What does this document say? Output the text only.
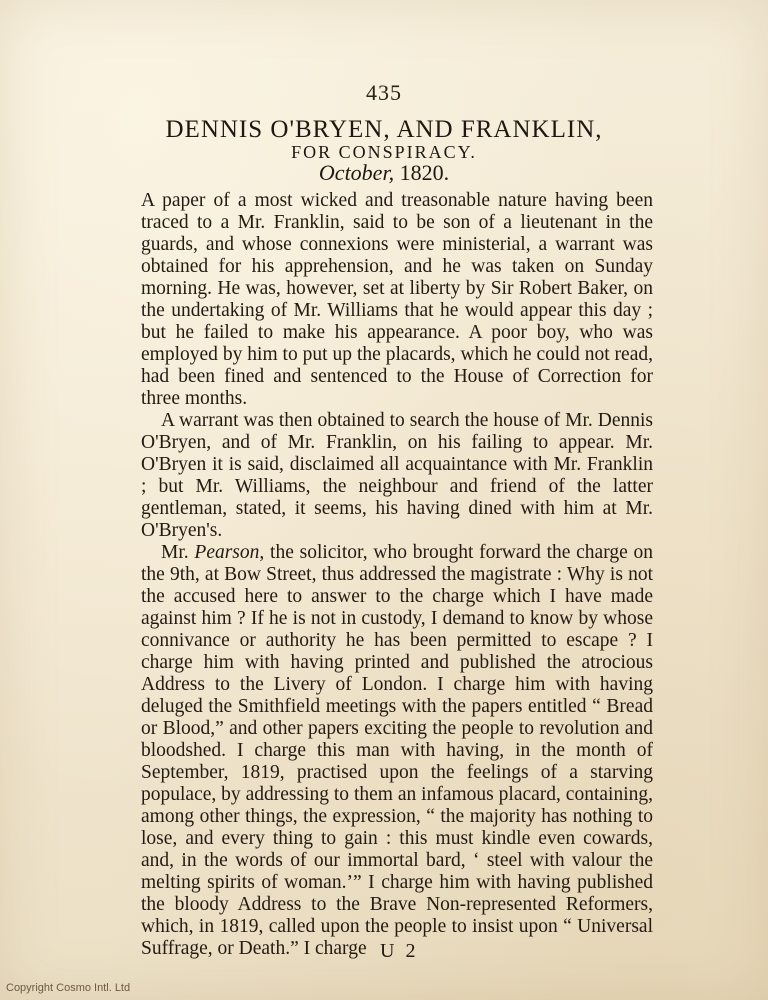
435
DENNIS O'BRYEN, AND FRANKLIN,
FOR CONSPIRACY.
October, 1820.

A paper of a most wicked and treasonable nature having been traced to a Mr. Franklin, said to be son of a lieutenant in the guards, and whose connexions were ministerial, a warrant was obtained for his apprehension, and he was taken on Sunday morning. He was, however, set at liberty by Sir Robert Baker, on the undertaking of Mr. Williams that he would appear this day ; but he failed to make his appearance. A poor boy, who was employed by him to put up the placards, which he could not read, had been fined and sentenced to the House of Correction for three months.

A warrant was then obtained to search the house of Mr. Dennis O'Bryen, and of Mr. Franklin, on his failing to appear. Mr. O'Bryen it is said, disclaimed all acquaintance with Mr. Franklin ; but Mr. Williams, the neighbour and friend of the latter gentleman, stated, it seems, his having dined with him at Mr. O'Bryen's.

Mr. Pearson, the solicitor, who brought forward the charge on the 9th, at Bow Street, thus addressed the magistrate : Why is not the accused here to answer to the charge which I have made against him ? If he is not in custody, I demand to know by whose connivance or authority he has been permitted to escape ? I charge him with having printed and published the atrocious Address to the Livery of London. I charge him with having deluged the Smithfield meetings with the papers entitled “ Bread or Blood,” and other papers exciting the people to revolution and bloodshed. I charge this man with having, in the month of September, 1819, practised upon the feelings of a starving populace, by addressing to them an infamous placard, containing, among other things, the expression, “ the majority has nothing to lose, and every thing to gain : this must kindle even cowards, and, in the words of our immortal bard, ‘ steel with valour the melting spirits of woman.’” I charge him with having published the bloody Address to the Brave Non-represented Reformers, which, in 1819, called upon the people to insist upon “ Universal Suffrage, or Death.” I charge U 2
Copyright Cosmo Intl. Ltd
